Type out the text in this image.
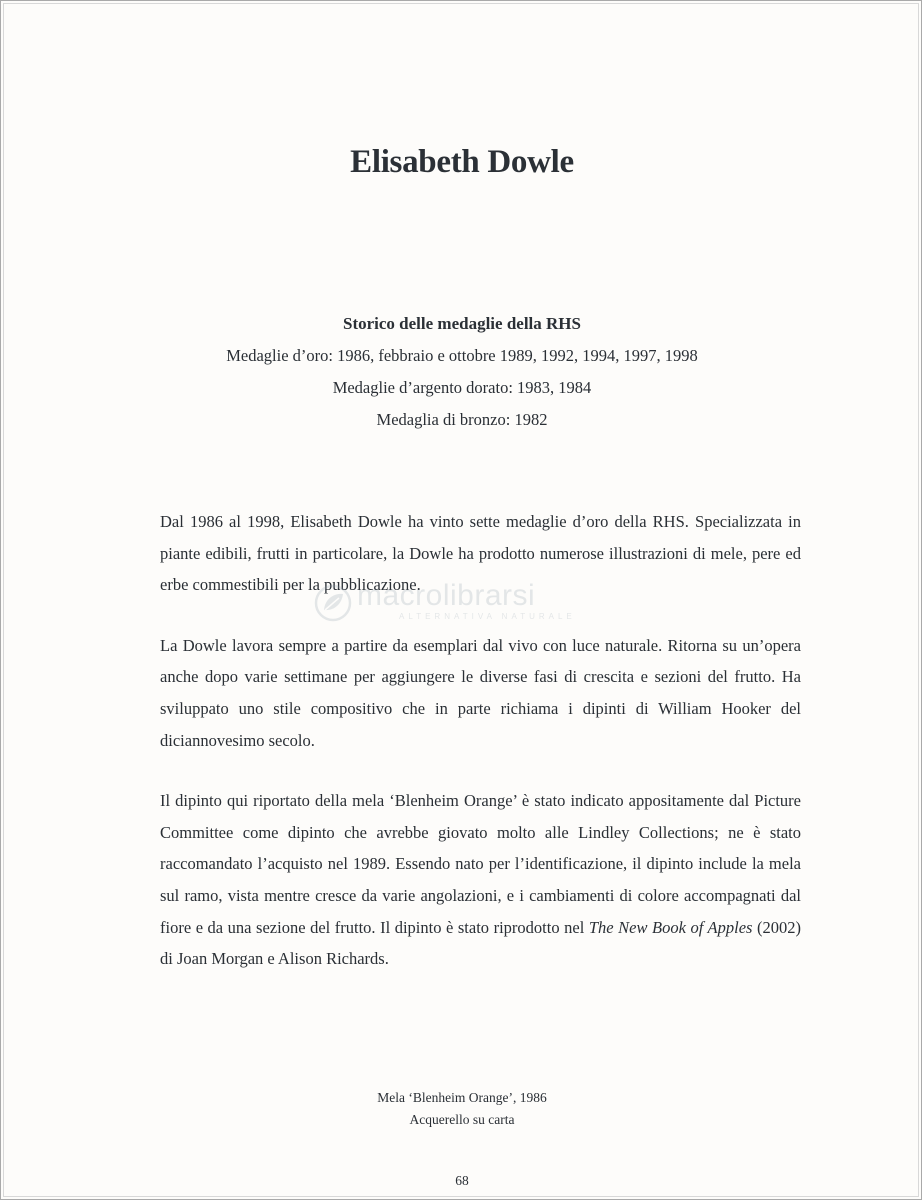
Elisabeth Dowle
Storico delle medaglie della RHS
Medaglie d’oro: 1986, febbraio e ottobre 1989, 1992, 1994, 1997, 1998
Medaglie d’argento dorato: 1983, 1984
Medaglia di bronzo: 1982

Dal 1986 al 1998, Elisabeth Dowle ha vinto sette medaglie d’oro della RHS. Specializzata in piante edibili, frutti in particolare, la Dowle ha prodotto numerose illustrazioni di mele, pere ed erbe commestibili per la pubblicazione.

La Dowle lavora sempre a partire da esemplari dal vivo con luce naturale. Ritorna su un’opera anche dopo varie settimane per aggiungere le diverse fasi di crescita e sezioni del frutto. Ha sviluppato uno stile compositivo che in parte richiama i dipinti di William Hooker del diciannovesimo secolo.

Il dipinto qui riportato della mela ‘Blenheim Orange’ è stato indicato appositamente dal Picture Committee come dipinto che avrebbe giovato molto alle Lindley Collections; ne è stato raccomandato l’acquisto nel 1989. Essendo nato per l’identificazione, il dipinto include la mela sul ramo, vista mentre cresce da varie angolazioni, e i cambiamenti di colore accompagnati dal fiore e da una sezione del frutto. Il dipinto è stato riprodotto nel The New Book of Apples (2002) di Joan Morgan e Alison Richards.

macrolibrarsi
ALTERNATIVA NATURALE
Mela ‘Blenheim Orange’, 1986
Acquerello su carta
68
